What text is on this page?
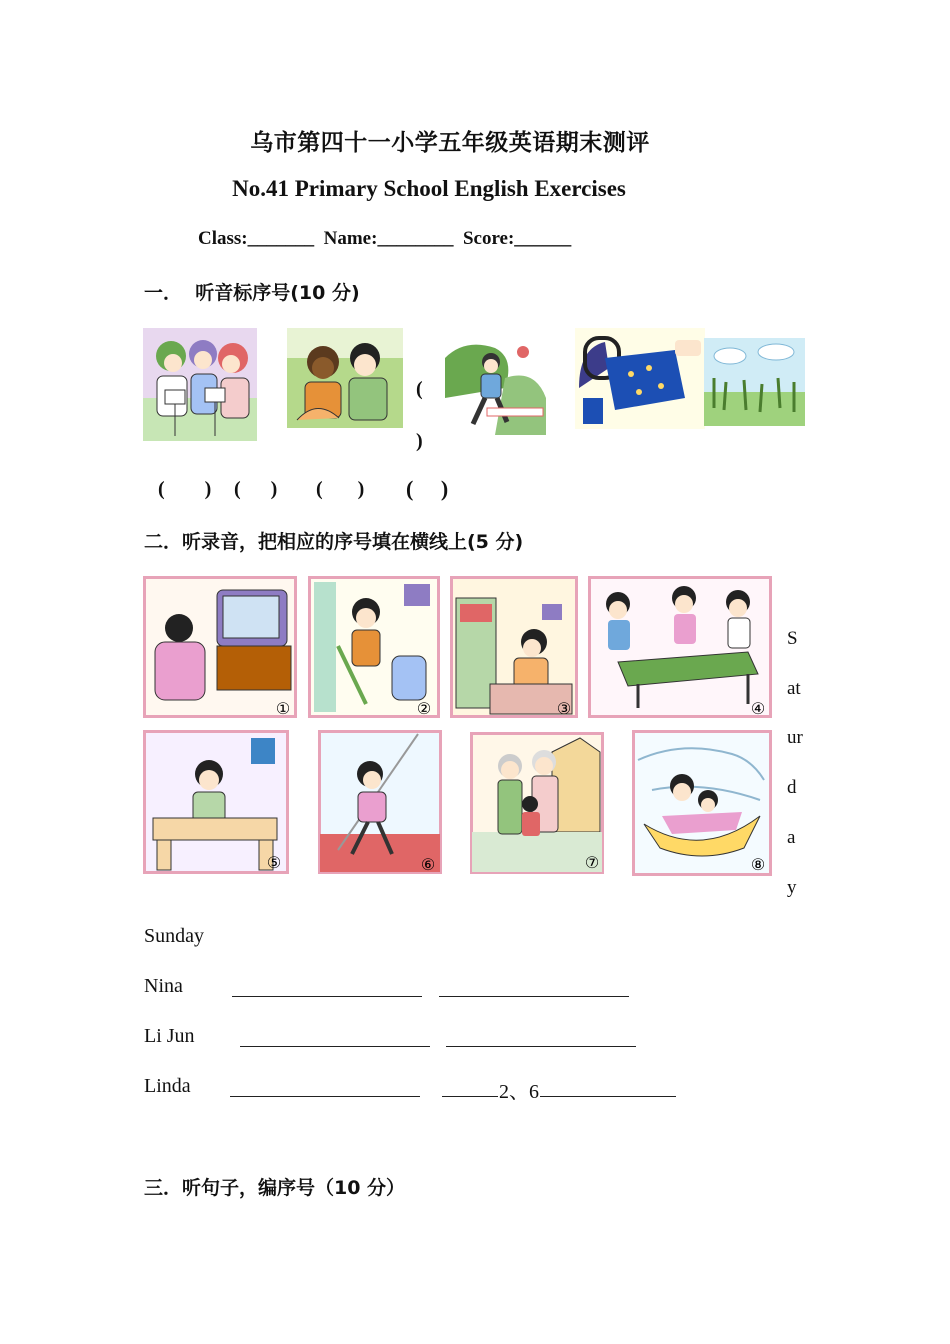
乌市第四十一小学五年级英语期末测评
No.41 Primary School English Exercises
Class:_______  Name:________  Score:______
一．  听音标序号(10 分)
(
)
(        ) (      ) (       ) (     )
二．听录音，把相应的序号填在横线上(5 分)
①	②	③	④
S
at
ur
d
a
y
⑤	⑥	⑦	⑧
Sunday
Nina
Li Jun
Linda	2、6
三．听句子，编序号（10 分）
